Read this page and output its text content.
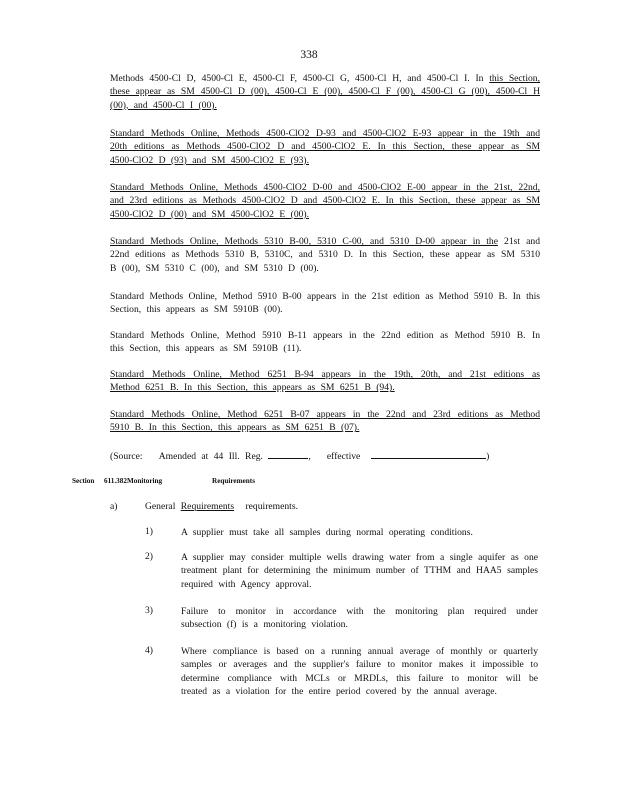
338
Methods 4500-Cl D, 4500-Cl E, 4500-Cl F, 4500-Cl G, 4500-Cl H, and 4500-Cl I. In this Section, these appear as SM 4500-Cl D (00), 4500-Cl E (00), 4500-Cl F (00), 4500-Cl G (00), 4500-Cl H (00), and 4500-Cl I (00).
Standard Methods Online, Methods 4500-ClO2 D-93 and 4500-ClO2 E-93 appear in the 19th and 20th editions as Methods 4500-ClO2 D and 4500-ClO2 E. In this Section, these appear as SM 4500-ClO2 D (93) and SM 4500-ClO2 E (93).
Standard Methods Online, Methods 4500-ClO2 D-00 and 4500-ClO2 E-00 appear in the 21st, 22nd, and 23rd editions as Methods 4500-ClO2 D and 4500-ClO2 E. In this Section, these appear as SM 4500-ClO2 D (00) and SM 4500-ClO2 E (00).
Standard Methods Online, Methods 5310 B-00, 5310 C-00, and 5310 D-00 appear in the 21st and 22nd editions as Methods 5310 B, 5310C, and 5310 D. In this Section, these appear as SM 5310 B (00), SM 5310 C (00), and SM 5310 D (00).
Standard Methods Online, Method 5910 B-00 appears in the 21st edition as Method 5910 B. In this Section, this appears as SM 5910B (00).
Standard Methods Online, Method 5910 B-11 appears in the 22nd edition as Method 5910 B. In this Section, this appears as SM 5910B (11).
Standard Methods Online, Method 6251 B-94 appears in the 19th, 20th, and 21st editions as Method 6251 B. In this Section, this appears as SM 6251 B (94).
Standard Methods Online, Method 6251 B-07 appears in the 22nd and 23rd editions as Method 5910 B. In this Section, this appears as SM 6251 B (07).
(Source: Amended at 44 Ill. Reg.	, effective	)
Section 611.382Monitoring	Requirements
a)	General Requirements requirements.
1)	A supplier must take all samples during normal operating conditions.
2)	A supplier may consider multiple wells drawing water from a single aquifer as one treatment plant for determining the minimum number of TTHM and HAA5 samples required with Agency approval.
3)	Failure to monitor in accordance with the monitoring plan required under subsection (f) is a monitoring violation.
4)	Where compliance is based on a running annual average of monthly or quarterly samples or averages and the supplier's failure to monitor makes it impossible to determine compliance with MCLs or MRDLs, this failure to monitor will be treated as a violation for the entire period covered by the annual average.
